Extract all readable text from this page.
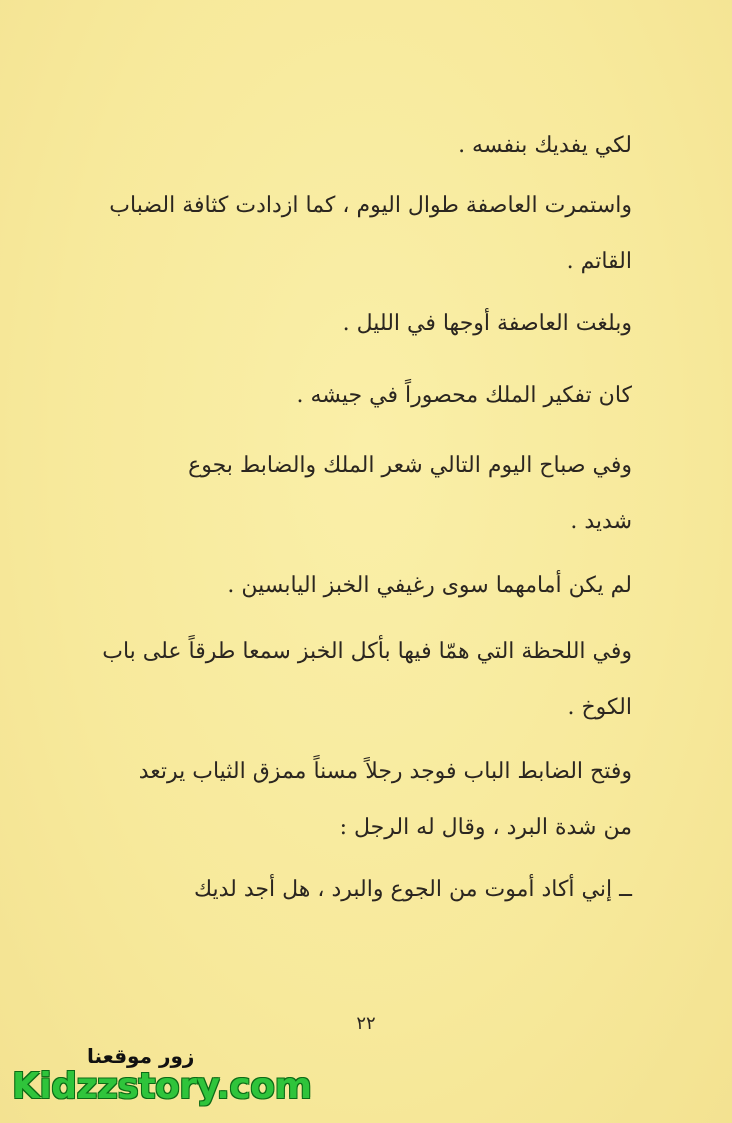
لكي يفديك بنفسه .
واستمرت العاصفة طوال اليوم ، كما ازدادت كثافة الضباب
القاتم .
وبلغت العاصفة أوجها في الليل .
كان تفكير الملك محصوراً في جيشه .
وفي صباح اليوم التالي شعر الملك والضابط بجوع
شديد .
لم يكن أمامهما سوى رغيفي الخبز اليابسين .
وفي اللحظة التي همّا فيها بأكل الخبز سمعا طرقاً على باب
الكوخ .
وفتح الضابط الباب فوجد رجلاً مسناً ممزق الثياب يرتعد
من شدة البرد ، وقال له الرجل :
ــ إني أكاد أموت من الجوع والبرد ، هل أجد لديك
٢٢
زور موقعنا
Kidzzstory.com
